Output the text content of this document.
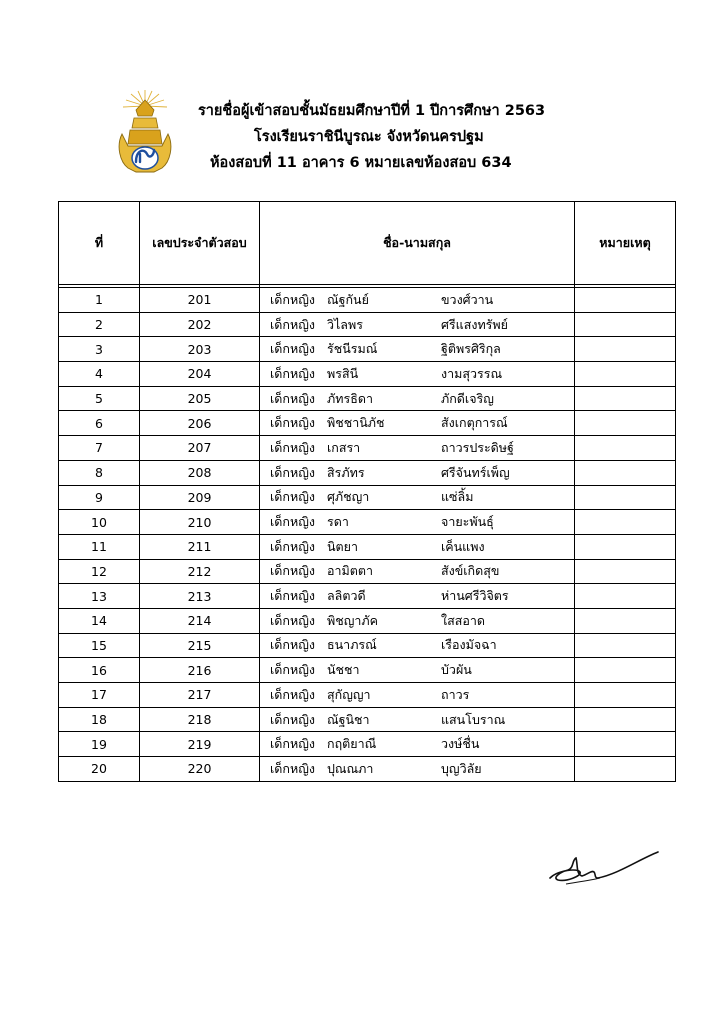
รายชื่อผู้เข้าสอบชั้นมัธยมศึกษาปีที่ 1 ปีการศึกษา 2563
โรงเรียนราชินีบูรณะ จังหวัดนครปฐม
ห้องสอบที่ 11 อาคาร 6 หมายเลขห้องสอบ 634
ที่	เลขประจำตัวสอบ	ชื่อ-นามสกุล	หมายเหตุ

1	201	เด็กหญิง ณัฐกันย์ ขวงศ์วาน	

2	202	เด็กหญิง วิไลพร ศรีแสงทรัพย์	

3	203	เด็กหญิง รัชนีรมณ์ ฐิติพรศิริกุล	

4	204	เด็กหญิง พรสินี งามสุวรรณ	

5	205	เด็กหญิง ภัทรธิดา ภักดีเจริญ	

6	206	เด็กหญิง พิชชานิภัช สังเกตุการณ์	

7	207	เด็กหญิง เกสรา ถาวรประดิษฐ์	

8	208	เด็กหญิง สิรภัทร ศรีจันทร์เพ็ญ	

9	209	เด็กหญิง ศุภัชญา แซ่ลิ้ม	

10	210	เด็กหญิง รดา จายะพันธุ์	

11	211	เด็กหญิง นิตยา เค็นแพง	

12	212	เด็กหญิง อามิตตา สังข์เกิดสุข	

13	213	เด็กหญิง ลลิตวดี ห่านศรีวิจิตร	

14	214	เด็กหญิง พิชญาภัค ใสสอาด	

15	215	เด็กหญิง ธนาภรณ์ เรืองมัจฉา	

16	216	เด็กหญิง นัชชา บัวผัน	

17	217	เด็กหญิง สุกัญญา ถาวร	

18	218	เด็กหญิง ณัฐนิชา แสนโบราณ	

19	219	เด็กหญิง กฤติยาณี วงษ์ชื่น	

20	220	เด็กหญิง ปุณณภา บุญวิลัย	
